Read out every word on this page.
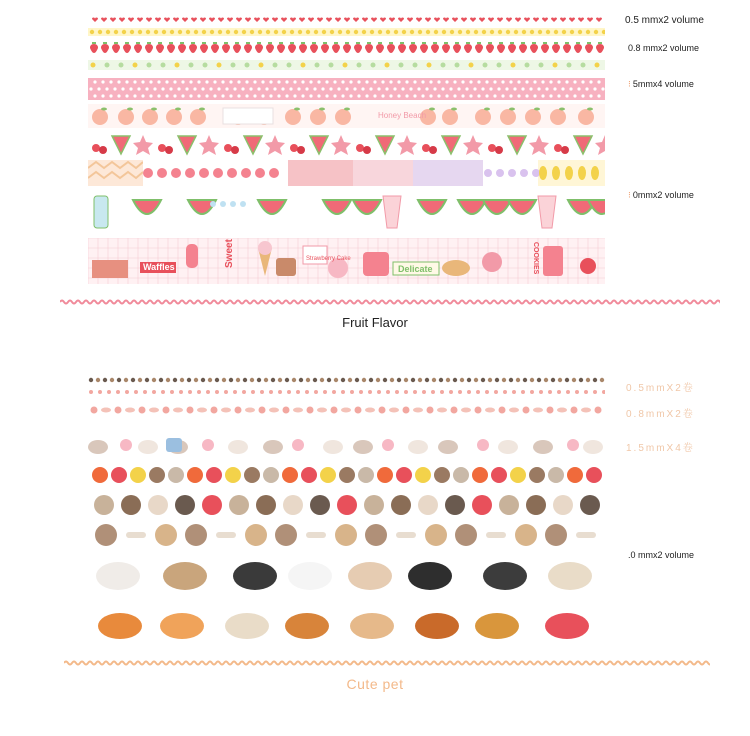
Honey Beach
Waffles	Sweet	Strawberry Cake
Delicate	COOKIES
0.5 mmx2 volume
0.8 mmx2 volume
⁝ 5mmx4 volume
⁝ 0mmx2 volume
Fruit Flavor
0.5mmX2卷
0.8mmX2卷
1.5mmX4卷
.0 mmx2 volume
Cute pet
